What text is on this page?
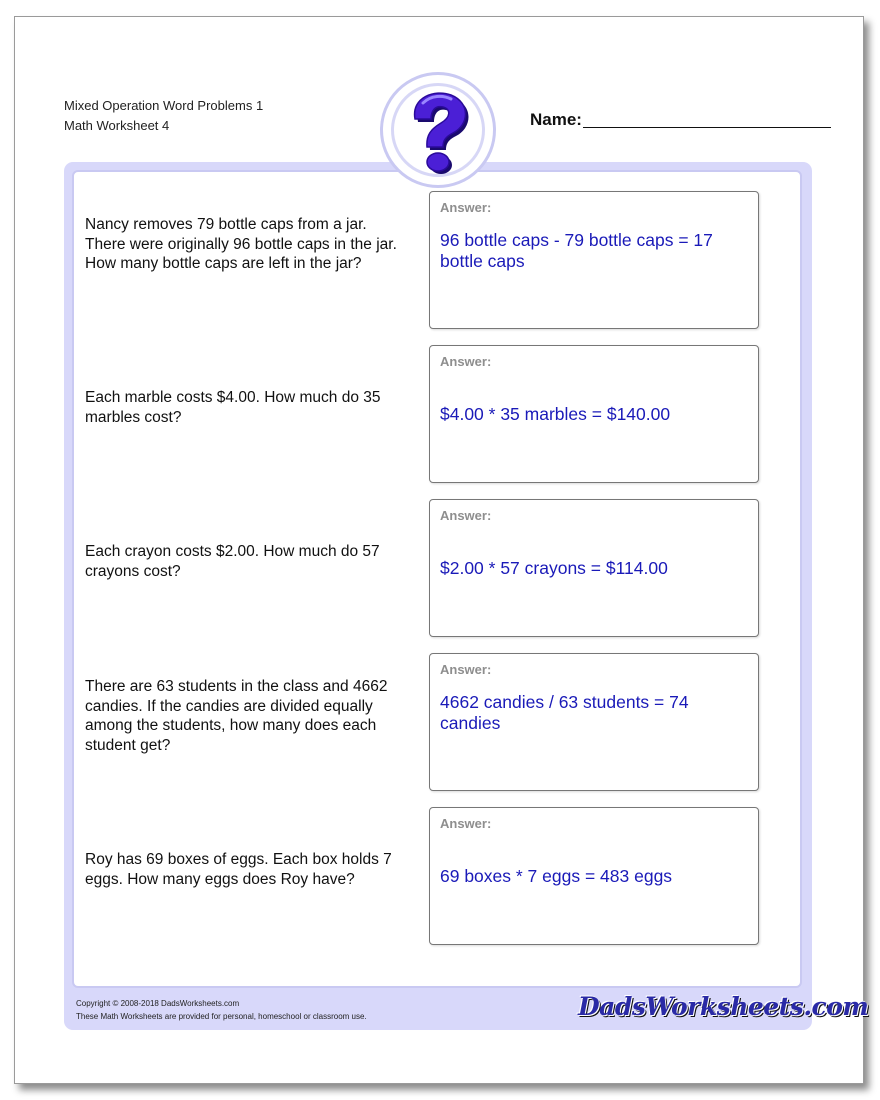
Mixed Operation Word Problems 1
Math Worksheet 4	Name:
Nancy removes 79 bottle caps from a jar. There were originally 96 bottle caps in the jar. How many bottle caps are left in the jar?
Answer:
96 bottle caps - 79 bottle caps = 17 bottle caps
Each marble costs $4.00. How much do 35 marbles cost?
Answer:
$4.00 * 35 marbles = $140.00
Each crayon costs $2.00. How much do 57 crayons cost?
Answer:
$2.00 * 57 crayons = $114.00
There are 63 students in the class and 4662 candies. If the candies are divided equally among the students, how many does each student get?
Answer:
4662 candies / 63 students = 74 candies
Roy has 69 boxes of eggs. Each box holds 7 eggs. How many eggs does Roy have?
Answer:
69 boxes * 7 eggs = 483 eggs
Copyright © 2008-2018 DadsWorksheets.com
These Math Worksheets are provided for personal, homeschool or classroom use.	DadsWorksheets.com
